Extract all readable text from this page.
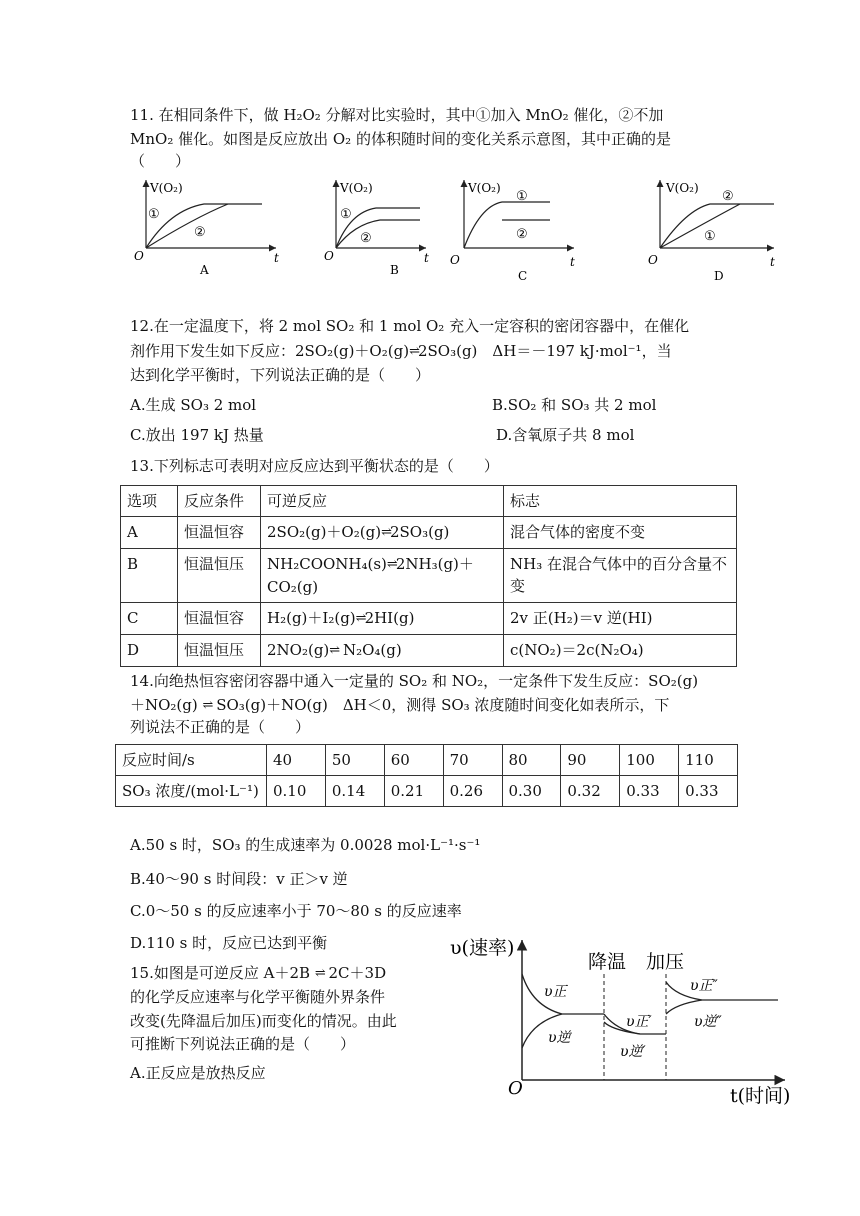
11. 在相同条件下，做 H₂O₂ 分解对比实验时，其中①加入 MnO₂ 催化，②不加
MnO₂ 催化。如图是反应放出 O₂ 的体积随时间的变化关系示意图，其中正确的是
（　　）
V(O₂)
①
②
O	t
A
V(O₂)
①
②
O	t
B
V(O₂)
①
②
O	t
C
V(O₂)
②
①
O	t
D
12.在一定温度下，将 2 mol SO₂ 和 1 mol O₂ 充入一定容积的密闭容器中，在催化
剂作用下发生如下反应：2SO₂(g)＋O₂(g)⇌2SO₃(g)　ΔH＝－197 kJ·mol⁻¹，当
达到化学平衡时，下列说法正确的是（　　）
A.生成 SO₃ 2 mol	B.SO₂ 和 SO₃ 共 2 mol
C.放出 197 kJ 热量	D.含氧原子共 8 mol
13.下列标志可表明对应反应达到平衡状态的是（　　）
选项	反应条件	可逆反应	标志
A	恒温恒容	2SO₂(g)＋O₂(g)⇌2SO₃(g)	混合气体的密度不变
B	恒温恒压	NH₂COONH₄(s)⇌2NH₃(g)＋
CO₂(g)	NH₃ 在混合气体中的百分含量不变
C	恒温恒容	H₂(g)＋I₂(g)⇌2HI(g)	2v 正(H₂)＝v 逆(HI)
D	恒温恒压	2NO₂(g)⇌ N₂O₄(g)	c(NO₂)＝2c(N₂O₄)
14.向绝热恒容密闭容器中通入一定量的 SO₂ 和 NO₂，一定条件下发生反应：SO₂(g)
＋NO₂(g) ⇌ SO₃(g)＋NO(g)　ΔH＜0，测得 SO₃ 浓度随时间变化如表所示，下
列说法不正确的是（　　）
反应时间/s	40	50	60	70	80	90	100	110
SO₃ 浓度/(mol·L⁻¹)	0.10	0.14	0.21	0.26	0.30	0.32	0.33	0.33
A.50 s 时，SO₃ 的生成速率为 0.0028 mol·L⁻¹·s⁻¹
B.40～90 s 时间段：v 正＞v 逆
C.0～50 s 的反应速率小于 70～80 s 的反应速率
D.110 s 时，反应已达到平衡
15.如图是可逆反应 A＋2B ⇌ 2C＋3D
的化学反应速率与化学平衡随外界条件
改变(先降温后加压)而变化的情况。由此
可推断下列说法正确的是（　　）
A.正反应是放热反应
υ(速率)
O	t(时间)
降温 加压
υ正
υ逆
υ正′
υ逆′
υ正″
υ逆″
